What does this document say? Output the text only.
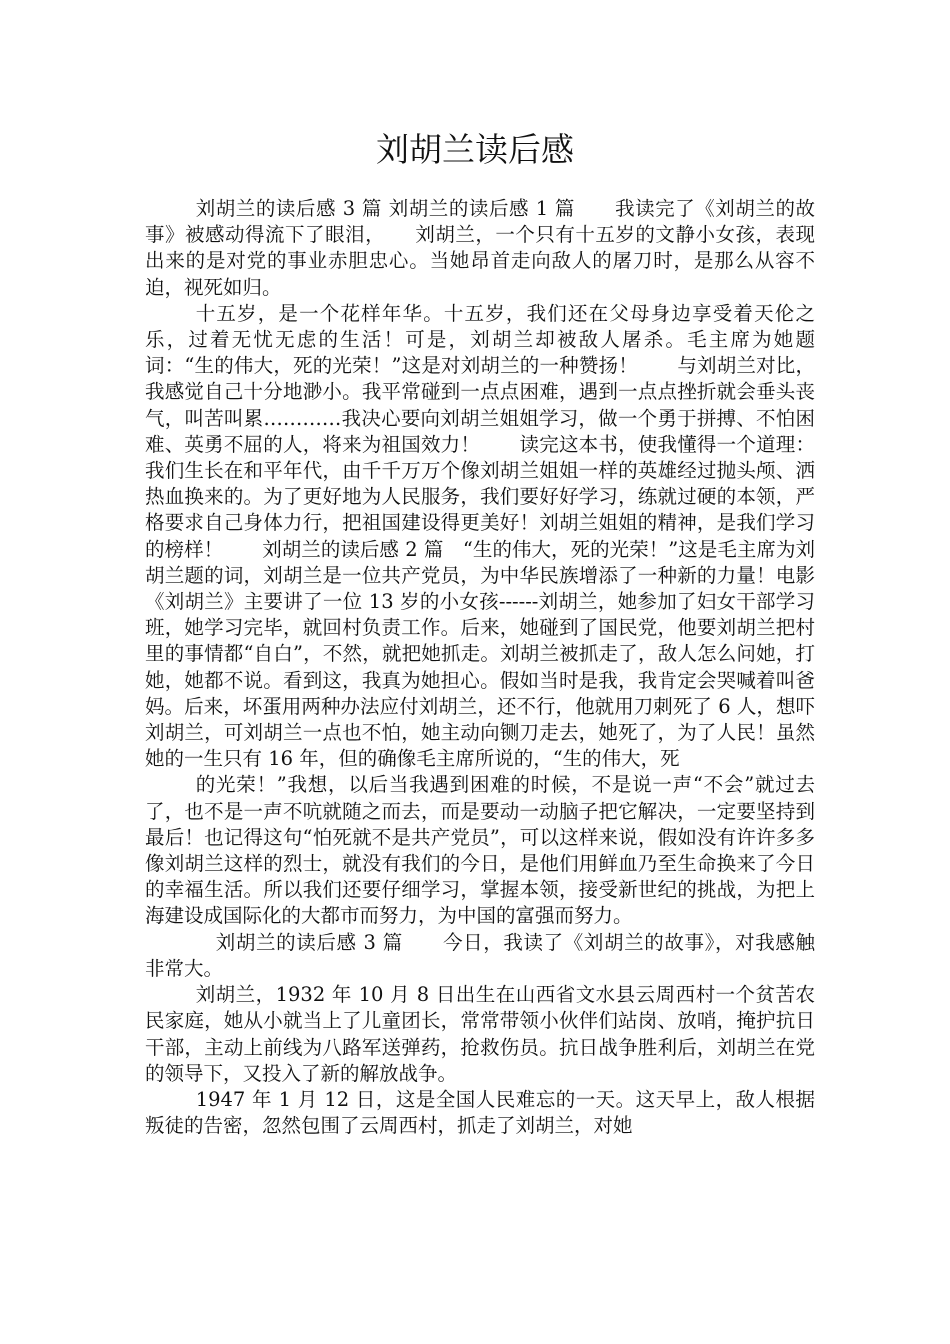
刘胡兰读后感

刘胡兰的读后感 3 篇 刘胡兰的读后感 1 篇　　我读完了《刘胡兰的故事》被感动得流下了眼泪，　　刘胡兰，一个只有十五岁的文静小女孩，表现出来的是对党的事业赤胆忠心。当她昂首走向敌人的屠刀时，是那么从容不迫，视死如归。

十五岁，是一个花样年华。十五岁，我们还在父母身边享受着天伦之乐，过着无忧无虑的生活！可是，刘胡兰却被敌人屠杀。毛主席为她题词：“生的伟大，死的光荣！”这是对刘胡兰的一种赞扬！　　与刘胡兰对比，我感觉自己十分地渺小。我平常碰到一点点困难，遇到一点点挫折就会垂头丧气，叫苦叫累…………我决心要向刘胡兰姐姐学习，做一个勇于拼搏、不怕困难、英勇不屈的人，将来为祖国效力！　　读完这本书，使我懂得一个道理：我们生长在和平年代，由千千万万个像刘胡兰姐姐一样的英雄经过抛头颅、洒热血换来的。为了更好地为人民服务，我们要好好学习，练就过硬的本领，严格要求自己身体力行，把祖国建设得更美好！刘胡兰姐姐的精神，是我们学习的榜样！　　刘胡兰的读后感 2 篇　“生的伟大，死的光荣！”这是毛主席为刘胡兰题的词，刘胡兰是一位共产党员，为中华民族增添了一种新的力量！电影《刘胡兰》主要讲了一位 13 岁的小女孩------刘胡兰，她参加了妇女干部学习班，她学习完毕，就回村负责工作。后来，她碰到了国民党，他要刘胡兰把村里的事情都“自白”，不然，就把她抓走。刘胡兰被抓走了，敌人怎么问她，打她，她都不说。看到这，我真为她担心。假如当时是我，我肯定会哭喊着叫爸妈。后来，坏蛋用两种办法应付刘胡兰，还不行，他就用刀刺死了 6 人，想吓刘胡兰，可刘胡兰一点也不怕，她主动向铡刀走去，她死了，为了人民！虽然她的一生只有 16 年，但的确像毛主席所说的，“生的伟大，死

的光荣！”我想，以后当我遇到困难的时候，不是说一声“不会”就过去了，也不是一声不吭就随之而去，而是要动一动脑子把它解决，一定要坚持到最后！也记得这句“怕死就不是共产党员”，可以这样来说，假如没有许许多多像刘胡兰这样的烈士，就没有我们的今日，是他们用鲜血乃至生命换来了今日的幸福生活。所以我们还要仔细学习，掌握本领，接受新世纪的挑战，为把上海建设成国际化的大都市而努力，为中国的富强而努力。

　刘胡兰的读后感 3 篇　　今日，我读了《刘胡兰的故事》，对我感触非常大。

刘胡兰，1932 年 10 月 8 日出生在山西省文水县云周西村一个贫苦农民家庭，她从小就当上了儿童团长，常常带领小伙伴们站岗、放哨，掩护抗日干部，主动上前线为八路军送弹药，抢救伤员。抗日战争胜利后，刘胡兰在党的领导下，又投入了新的解放战争。

1947 年 1 月 12 日，这是全国人民难忘的一天。这天早上，敌人根据叛徒的告密，忽然包围了云周西村，抓走了刘胡兰，对她
